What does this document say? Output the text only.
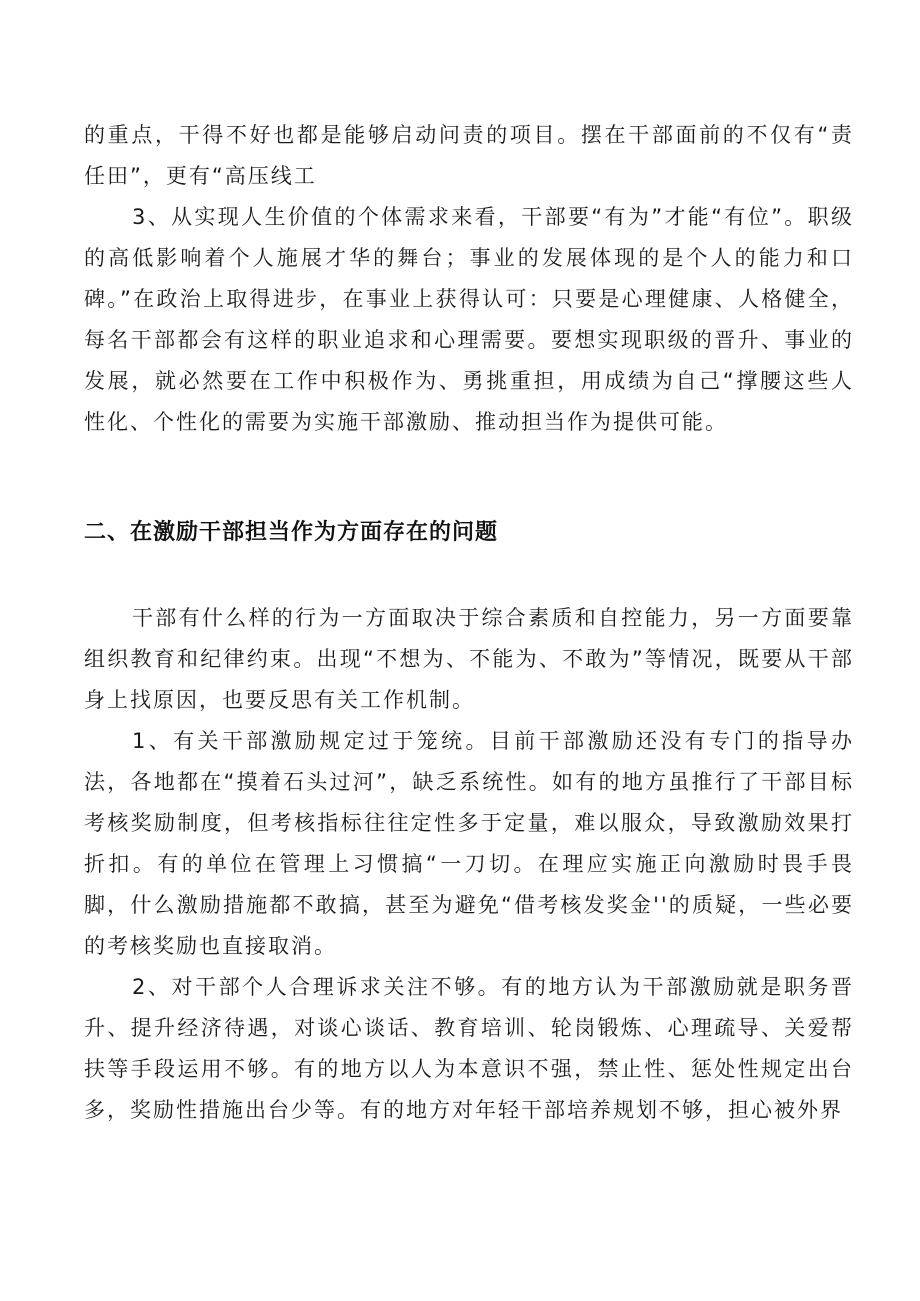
的重点，干得不好也都是能够启动问责的项目。摆在干部面前的不仅有“责任田”，更有“高压线工

3、从实现人生价值的个体需求来看，干部要“有为”才能“有位”。职级的高低影响着个人施展才华的舞台；事业的发展体现的是个人的能力和口碑。”在政治上取得进步，在事业上获得认可：只要是心理健康、人格健全，每名干部都会有这样的职业追求和心理需要。要想实现职级的晋升、事业的发展，就必然要在工作中积极作为、勇挑重担，用成绩为自己“撑腰这些人性化、个性化的需要为实施干部激励、推动担当作为提供可能。

二、在激励干部担当作为方面存在的问题

干部有什么样的行为一方面取决于综合素质和自控能力，另一方面要靠组织教育和纪律约束。出现“不想为、不能为、不敢为”等情况，既要从干部身上找原因，也要反思有关工作机制。

1、有关干部激励规定过于笼统。目前干部激励还没有专门的指导办法，各地都在“摸着石头过河”，缺乏系统性。如有的地方虽推行了干部目标考核奖励制度，但考核指标往往定性多于定量，难以服众，导致激励效果打折扣。有的单位在管理上习惯搞“一刀切。在理应实施正向激励时畏手畏脚，什么激励措施都不敢搞，甚至为避免“借考核发奖金''的质疑，一些必要的考核奖励也直接取消。

2、对干部个人合理诉求关注不够。有的地方认为干部激励就是职务晋升、提升经济待遇，对谈心谈话、教育培训、轮岗锻炼、心理疏导、关爱帮扶等手段运用不够。有的地方以人为本意识不强，禁止性、惩处性规定出台多，奖励性措施出台少等。有的地方对年轻干部培养规划不够，担心被外界
